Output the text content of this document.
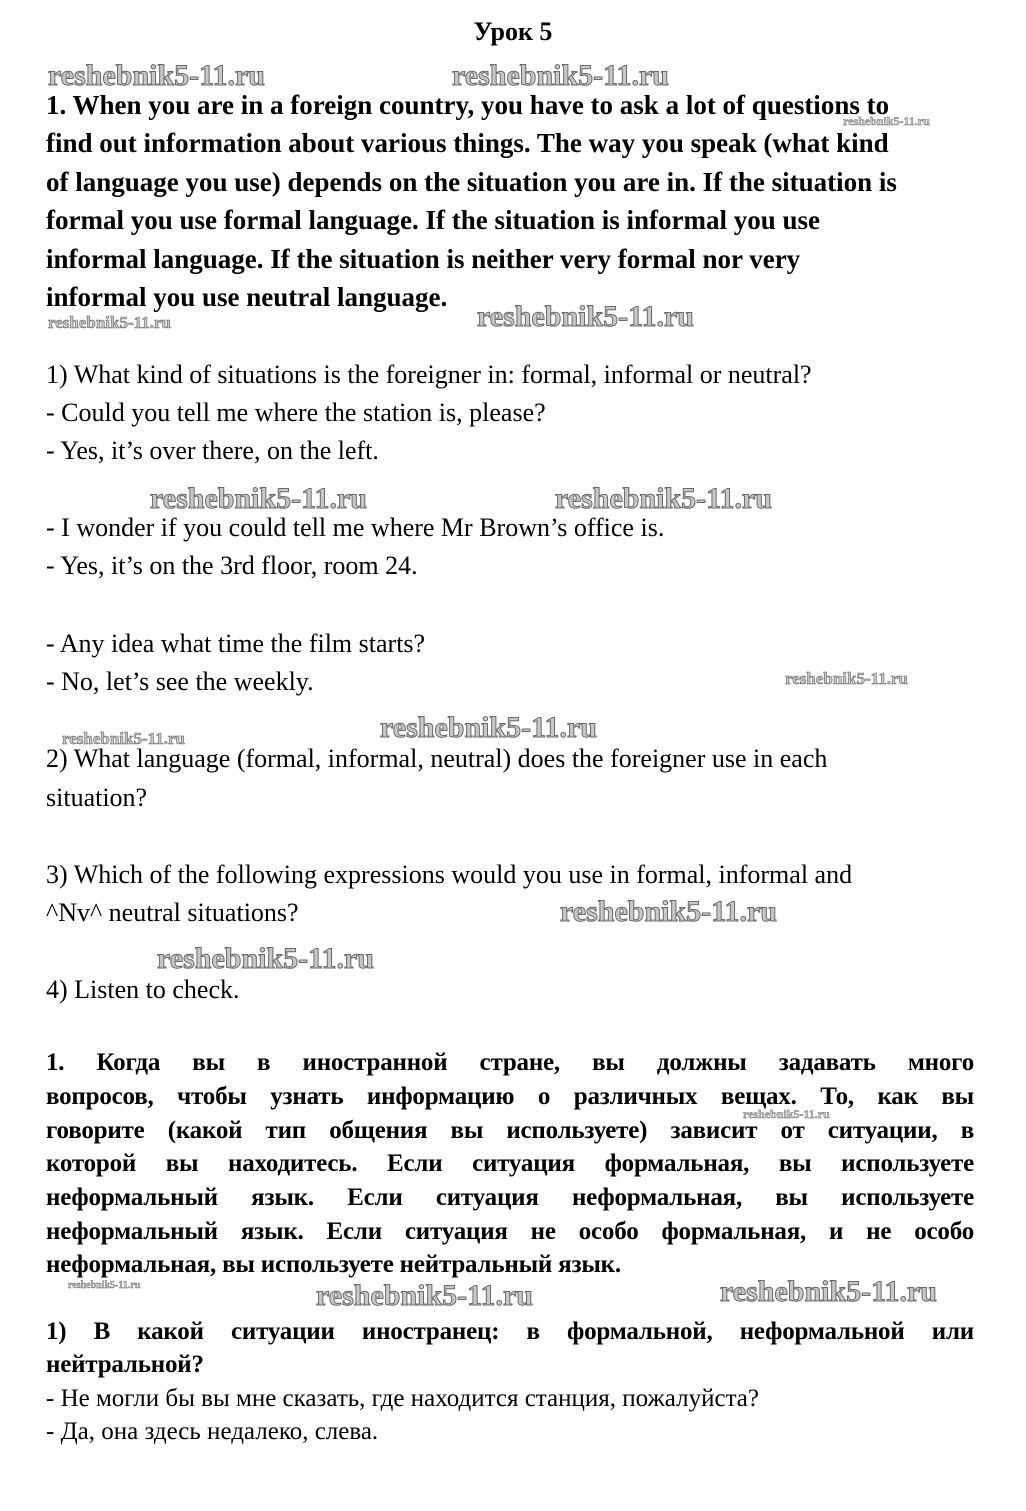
Урок 5
reshebnik5-11.ru	reshebnik5-11.ru
reshebnik5-11.ru
reshebnik5-11.ru	reshebnik5-11.ru
reshebnik5-11.ru	reshebnik5-11.ru
reshebnik5-11.ru
reshebnik5-11.ru	reshebnik5-11.ru
reshebnik5-11.ru
reshebnik5-11.ru
reshebnik5-11.ru
reshebnik5-11.ru	reshebnik5-11.ru	reshebnik5-11.ru
1. When you are in a foreign country, you have to ask a lot of questions to
find out information about various things. The way you speak (what kind
of language you use) depends on the situation you are in. If the situation is
formal you use formal language. If the situation is informal you use
informal language. If the situation is neither very formal nor very
informal you use neutral language.
1) What kind of situations is the foreigner in: formal, informal or neutral?
- Could you tell me where the station is, please?
- Yes, it’s over there, on the left.
- I wonder if you could tell me where Mr Brown’s office is.
- Yes, it’s on the 3rd floor, room 24.
- Any idea what time the film starts?
- No, let’s see the weekly.
2) What language (formal, informal, neutral) does the foreigner use in each
situation?
3) Which of the following expressions would you use in formal, informal and
^Nv^ neutral situations?
4) Listen to check.
1. Когда вы в иностранной стране, вы должны задавать много
вопросов, чтобы узнать информацию о различных вещах. То, как вы
говорите (какой тип общения вы используете) зависит от ситуации, в
которой вы находитесь. Если ситуация формальная, вы используете
неформальный язык. Если ситуация неформальная, вы используете
неформальный язык. Если ситуация не особо формальная, и не особо
неформальная, вы используете нейтральный язык.
1) В какой ситуации иностранец: в формальной, неформальной или
нейтральной?
- Не могли бы вы мне сказать, где находится станция, пожалуйста?
- Да, она здесь недалеко, слева.
